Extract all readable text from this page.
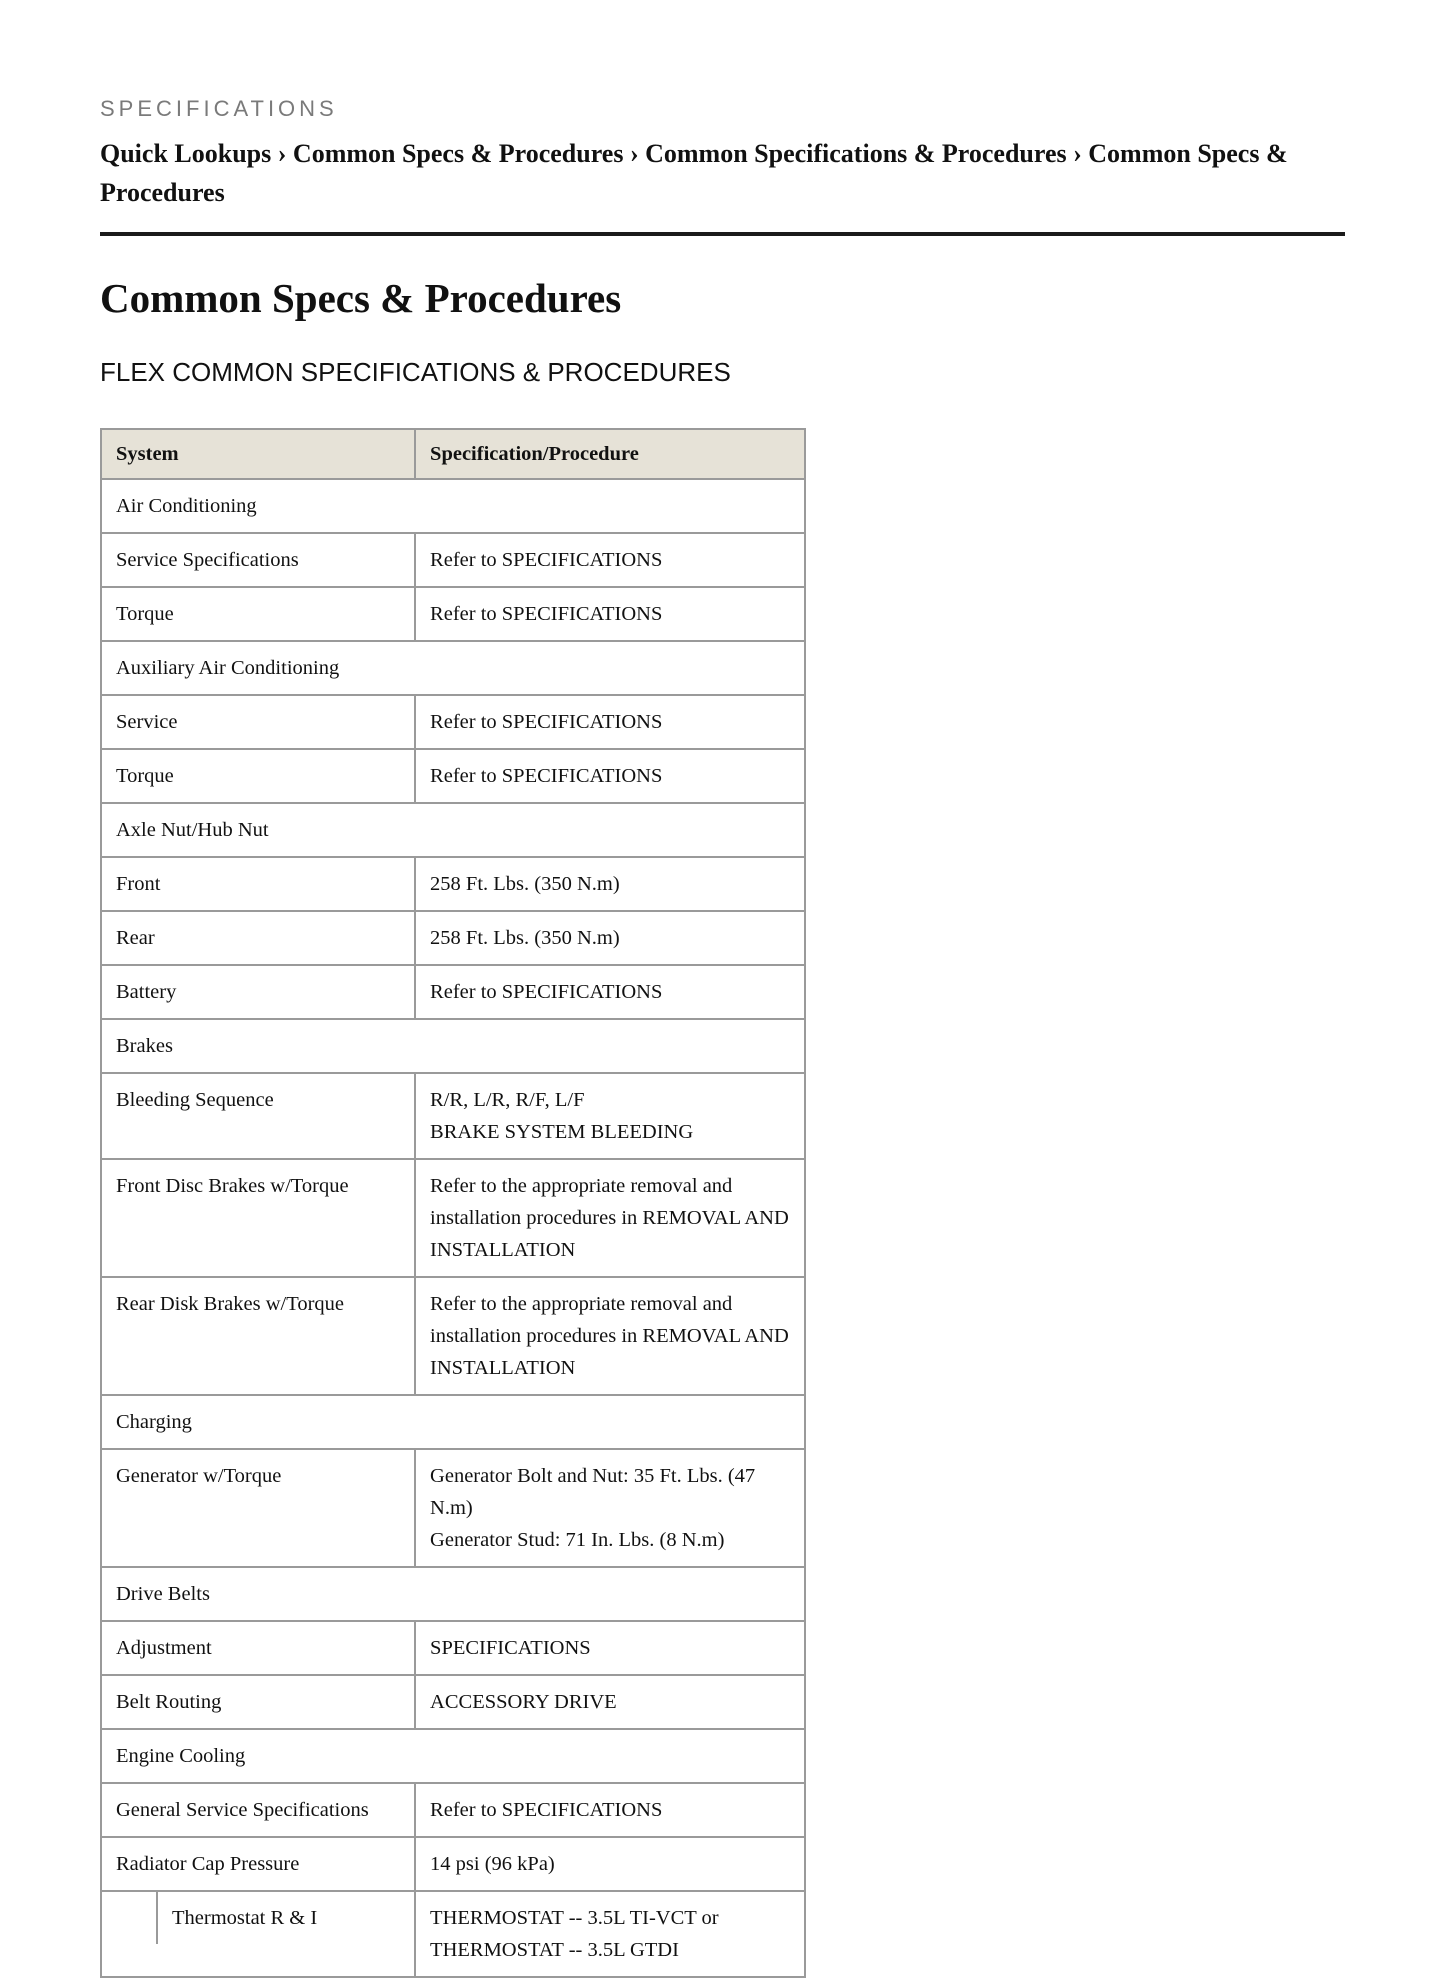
SPECIFICATIONS
Quick Lookups › Common Specs & Procedures › Common Specifications & Procedures › Common Specs & Procedures
Common Specs & Procedures
FLEX COMMON SPECIFICATIONS & PROCEDURES
System	Specification/Procedure
Air Conditioning	
Service Specifications	Refer to SPECIFICATIONS

Torque	Refer to SPECIFICATIONS

Auxiliary Air Conditioning	
Service	Refer to SPECIFICATIONS

Torque	Refer to SPECIFICATIONS

Axle Nut/Hub Nut	
Front	258 Ft. Lbs. (350 N.m)

Rear	258 Ft. Lbs. (350 N.m)

Battery	Refer to SPECIFICATIONS

Brakes	
Bleeding Sequence	R/R, L/R, R/F, L/F
BRAKE SYSTEM BLEEDING

Front Disc Brakes w/Torque	Refer to the appropriate removal and installation procedures in REMOVAL AND INSTALLATION

Rear Disk Brakes w/Torque	Refer to the appropriate removal and installation procedures in REMOVAL AND INSTALLATION

Charging	
Generator w/Torque	Generator Bolt and Nut: 35 Ft. Lbs. (47 N.m)
Generator Stud: 71 In. Lbs. (8 N.m)

Drive Belts	
Adjustment	SPECIFICATIONS

Belt Routing	ACCESSORY DRIVE

Engine Cooling	
General Service Specifications	Refer to SPECIFICATIONS

Radiator Cap Pressure	14 psi (96 kPa)

Thermostat R & I	THERMOSTAT -- 3.5L TI-VCT or THERMOSTAT -- 3.5L GTDI
